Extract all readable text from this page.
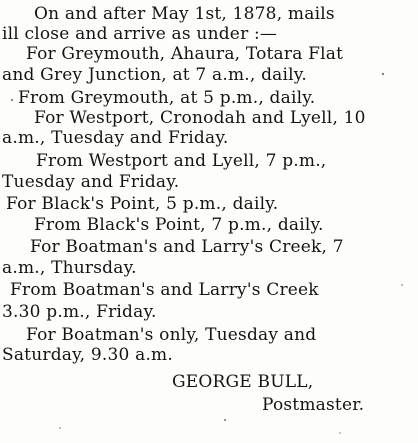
On and after May 1st, 1878, mails
ill close and arrive as under :—
For Greymouth, Ahaura, Totara Flat
and Grey Junction, at 7 a.m., daily.
From Greymouth, at 5 p.m., daily.
For Westport, Cronodah and Lyell, 10
a.m., Tuesday and Friday.
From Westport and Lyell, 7 p.m.,
Tuesday and Friday.
For Black's Point, 5 p.m., daily.
From Black's Point, 7 p.m., daily.
For Boatman's and Larry's Creek, 7
a.m., Thursday.
From Boatman's and Larry's Creek
3.30 p.m., Friday.
For Boatman's only, Tuesday and
Saturday, 9.30 a.m.
GEORGE BULL,
Postmaster.
